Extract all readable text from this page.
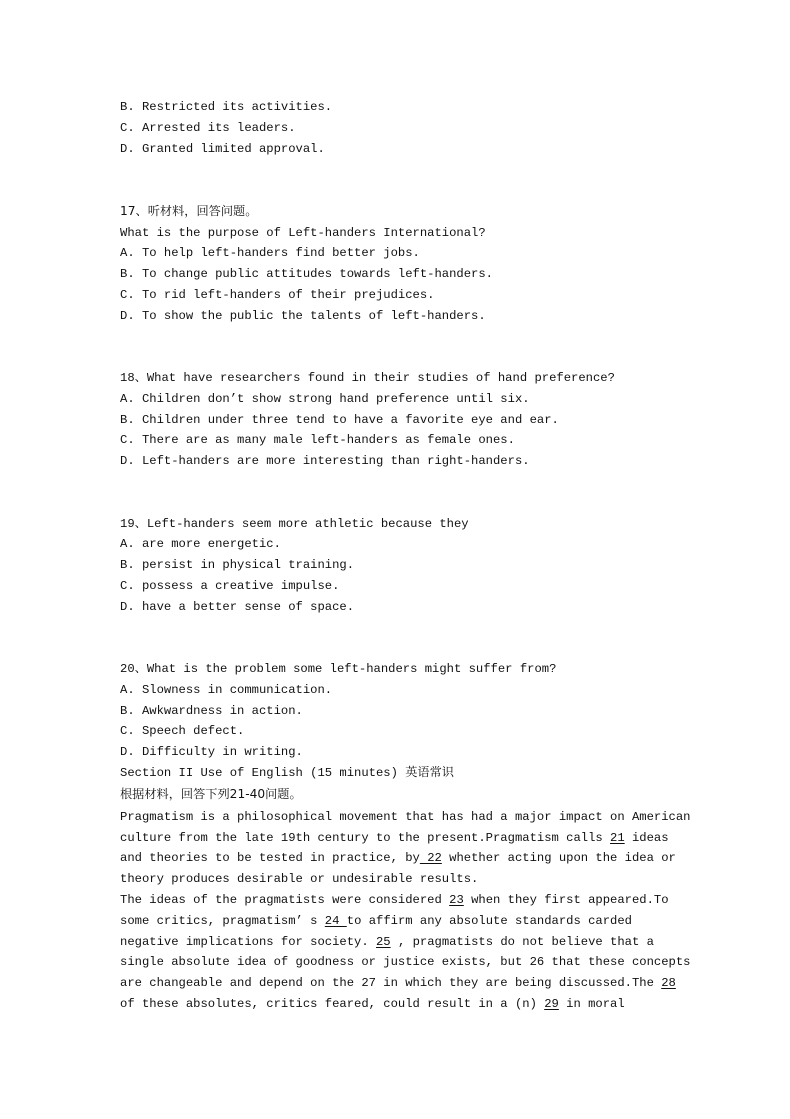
B. Restricted its activities.
C. Arrested its leaders.
D. Granted limited approval.
17、听材料，回答问题。
What is the purpose of Left-handers International?
A. To help left-handers find better jobs.
B. To change public attitudes towards left-handers.
C. To rid left-handers of their prejudices.
D. To show the public the talents of left-handers.
18、What have researchers found in their studies of hand preference?
A. Children don’t show strong hand preference until six.
B. Children under three tend to have a favorite eye and ear.
C. There are as many male left-handers as female ones.
D. Left-handers are more interesting than right-handers.
19、Left-handers seem more athletic because they
A. are more energetic.
B. persist in physical training.
C. possess a creative impulse.
D. have a better sense of space.
20、What is the problem some left-handers might suffer from?
A. Slowness in communication.
B. Awkwardness in action.
C. Speech defect.
D. Difficulty in writing.
Section II Use of English (15 minutes) 英语常识
根据材料，回答下列21-40问题。
Pragmatism is a philosophical movement that has had a major impact on American
culture from the late 19th century to the present.Pragmatism calls 21 ideas
and theories to be tested in practice, by 22 whether acting upon the idea or
theory produces desirable or undesirable results.
The ideas of the pragmatists were considered 23 when they first appeared.To
some critics, pragmatism’ s 24 to affirm any absolute standards carded
negative implications for society. 25 , pragmatists do not believe that a
single absolute idea of goodness or justice exists, but 26 that these concepts
are changeable and depend on the 27 in which they are being discussed.The 28
of these absolutes, critics feared, could result in a (n) 29 in moral
